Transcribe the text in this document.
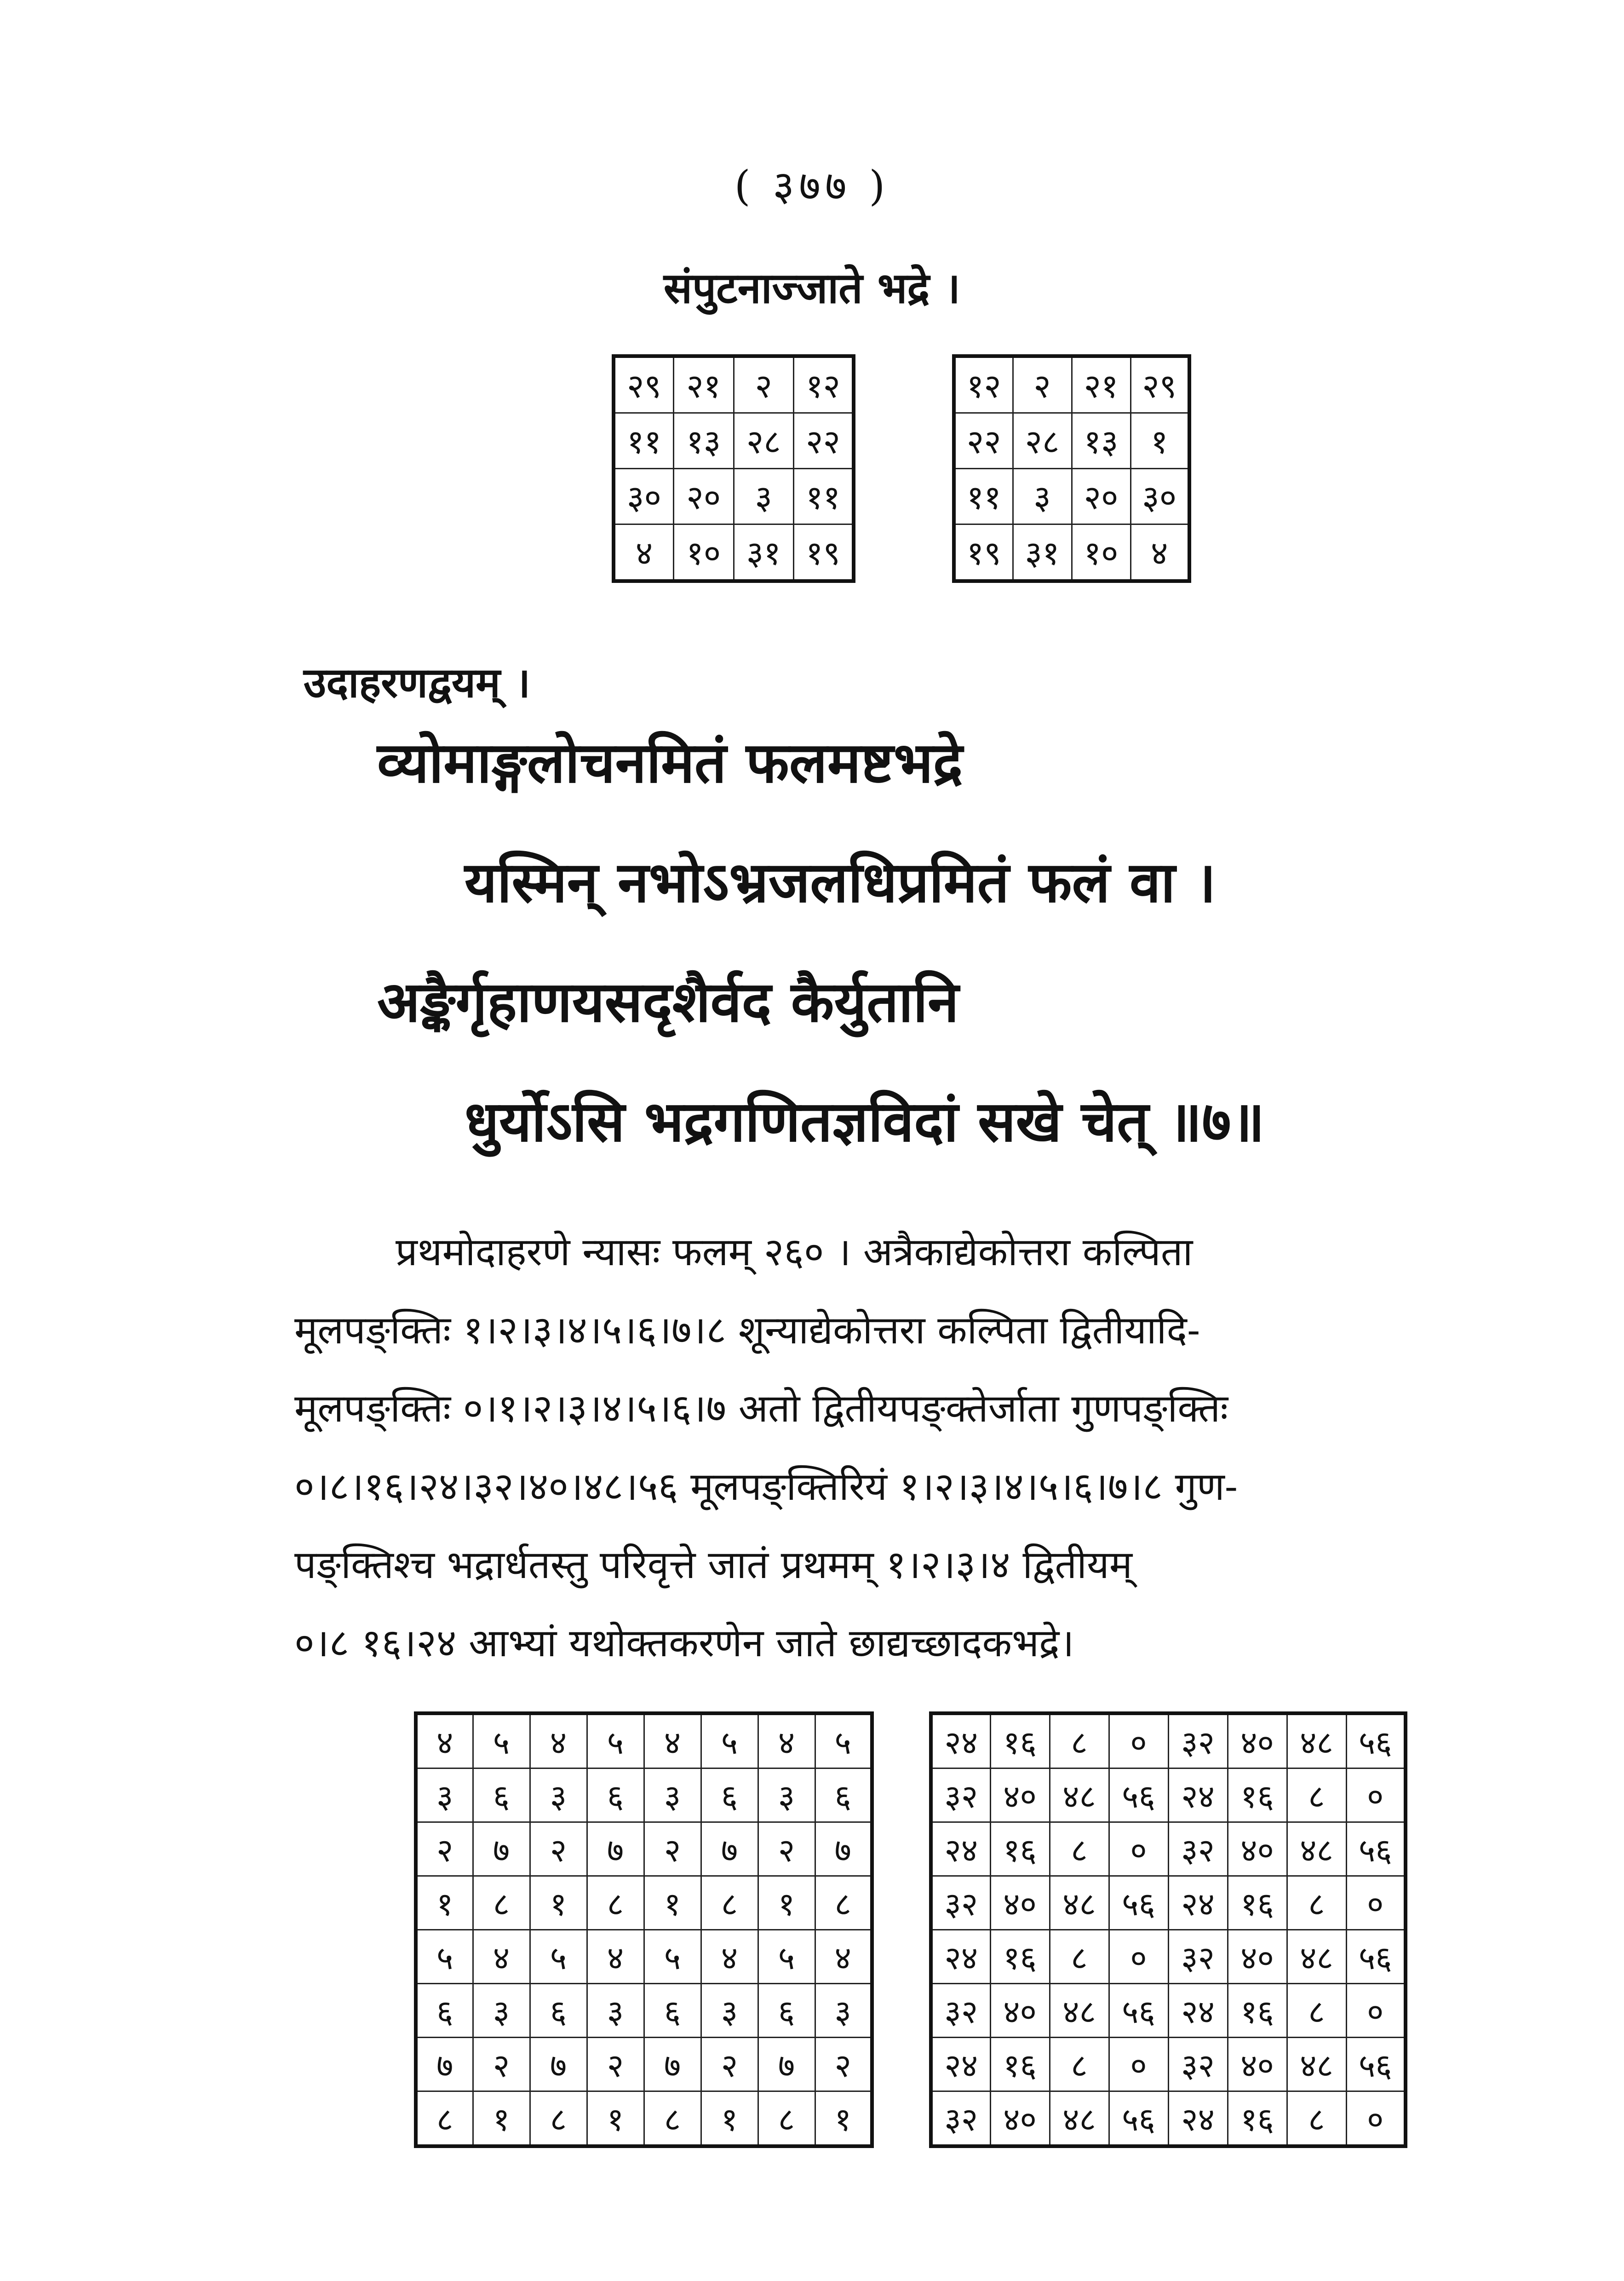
( ३७७ )
संपुटनाज्जाते भद्रे ।
२९	२१	२	१२
११	१३	२८	२२
३०	२०	३	११
४	१०	३१	१९
१२	२	२१	२९
२२	२८	१३	१
११	३	२०	३०
१९	३१	१०	४
उदाहरणद्वयम् ।
व्योमाङ्गलोचनमितं फलमष्टभद्रे
यस्मिन् नभोऽभ्रजलधिप्रमितं फलं वा ।
अङ्कैर्गृहाणयसदृशैर्वद कैर्युतानि
धुर्योऽसि भद्रगणितज्ञविदां सखे चेत् ॥७॥
प्रथमोदाहरणे न्यासः फलम् २६० । अत्रैकाद्येकोत्तरा कल्पिता
मूलपङ्क्तिः १।२।३।४।५।६।७।८ शून्याद्येकोत्तरा कल्पिता द्वितीयादि-
मूलपङ्क्तिः ०।१।२।३।४।५।६।७ अतो द्वितीयपङ्क्तेर्जाता गुणपङ्क्तिः
०।८।१६।२४।३२।४०।४८।५६ मूलपङ्क्तिरियं १।२।३।४।५।६।७।८ गुण-
पङ्क्तिश्च भद्रार्धतस्तु परिवृत्ते जातं प्रथमम् १।२।३।४ द्वितीयम्
०।८ १६।२४ आभ्यां यथोक्तकरणेन जाते छाद्यच्छादकभद्रे।
४	५	४	५	४	५	४	५
३	६	३	६	३	६	३	६
२	७	२	७	२	७	२	७
१	८	१	८	१	८	१	८
५	४	५	४	५	४	५	४
६	३	६	३	६	३	६	३
७	२	७	२	७	२	७	२
८	१	८	१	८	१	८	१
२४	१६	८	०	३२	४०	४८	५६
३२	४०	४८	५६	२४	१६	८	०
२४	१६	८	०	३२	४०	४८	५६
३२	४०	४८	५६	२४	१६	८	०
२४	१६	८	०	३२	४०	४८	५६
३२	४०	४८	५६	२४	१६	८	०
२४	१६	८	०	३२	४०	४८	५६
३२	४०	४८	५६	२४	१६	८	०
